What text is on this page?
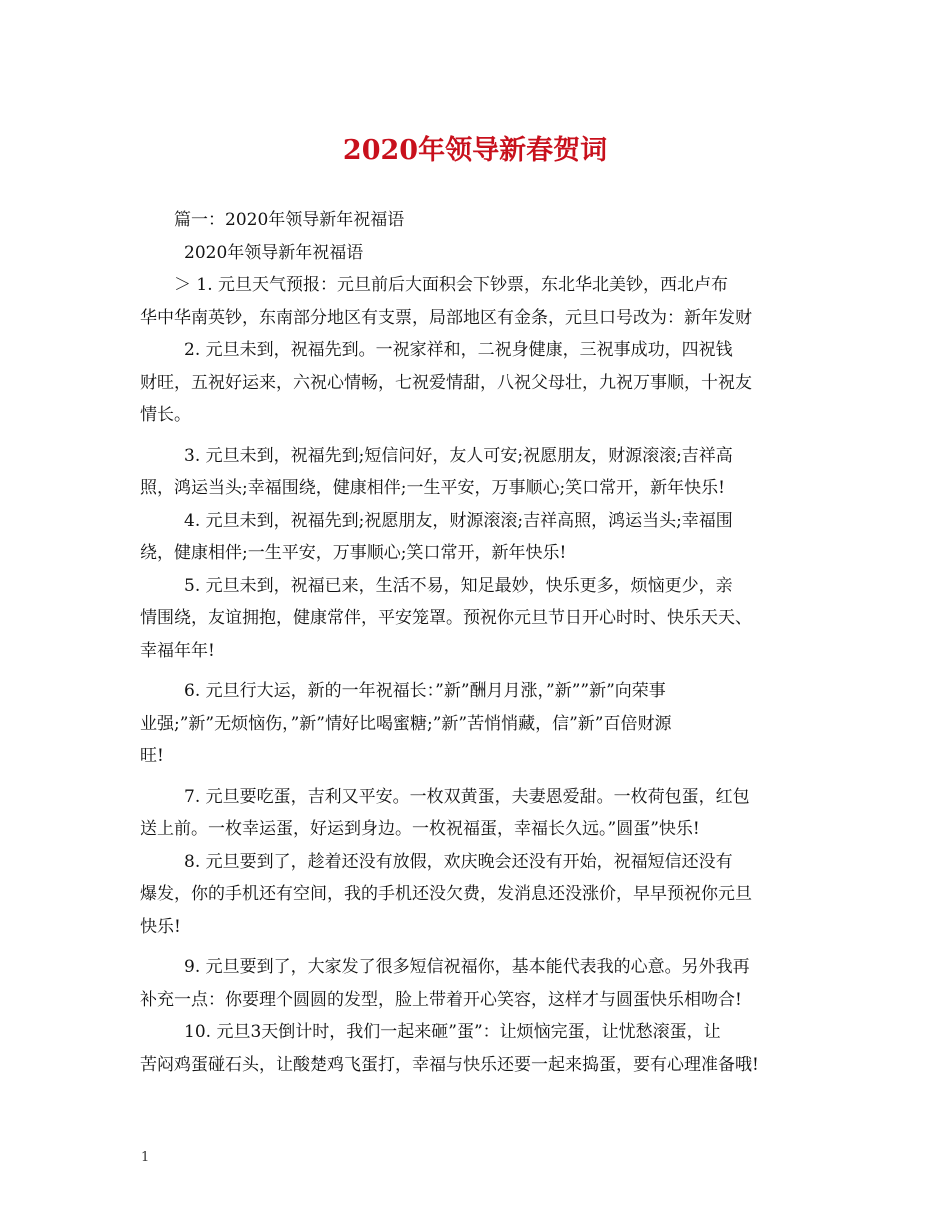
2020年领导新春贺词
篇一：2020年领导新年祝福语
2020年领导新年祝福语
＞ 1. 元旦天气预报：元旦前后大面积会下钞票，东北华北美钞，西北卢布
华中华南英钞，东南部分地区有支票，局部地区有金条，元旦口号改为：新年发财
2. 元旦未到，祝福先到。一祝家祥和，二祝身健康，三祝事成功，四祝钱
财旺，五祝好运来，六祝心情畅，七祝爱情甜，八祝父母壮，九祝万事顺，十祝友
情长。
3. 元旦未到，祝福先到;短信问好，友人可安;祝愿朋友，财源滚滚;吉祥高
照，鸿运当头;幸福围绕，健康相伴;一生平安，万事顺心;笑口常开，新年快乐!
4. 元旦未到，祝福先到;祝愿朋友，财源滚滚;吉祥高照，鸿运当头;幸福围
绕，健康相伴;一生平安，万事顺心;笑口常开，新年快乐!
5. 元旦未到，祝福已来，生活不易，知足最妙，快乐更多，烦恼更少，亲
情围绕，友谊拥抱，健康常伴，平安笼罩。预祝你元旦节日开心时时、快乐天天、
幸福年年!
6. 元旦行大运，新的一年祝福长：”新”酬月月涨，”新””新”向荣事
业强;”新”无烦恼伤，”新”情好比喝蜜糖;”新”苦悄悄藏，信”新”百倍财源
旺!
7. 元旦要吃蛋，吉利又平安。一枚双黄蛋，夫妻恩爱甜。一枚荷包蛋，红包
送上前。一枚幸运蛋，好运到身边。一枚祝福蛋，幸福长久远。”圆蛋”快乐!
8. 元旦要到了，趁着还没有放假，欢庆晚会还没有开始，祝福短信还没有
爆发，你的手机还有空间，我的手机还没欠费，发消息还没涨价，早早预祝你元旦
快乐!
9. 元旦要到了，大家发了很多短信祝福你，基本能代表我的心意。另外我再
补充一点：你要理个圆圆的发型，脸上带着开心笑容，这样才与圆蛋快乐相吻合!
10. 元旦3天倒计时，我们一起来砸”蛋”：让烦恼完蛋，让忧愁滚蛋，让
苦闷鸡蛋碰石头，让酸楚鸡飞蛋打，幸福与快乐还要一起来捣蛋，要有心理准备哦!
1
